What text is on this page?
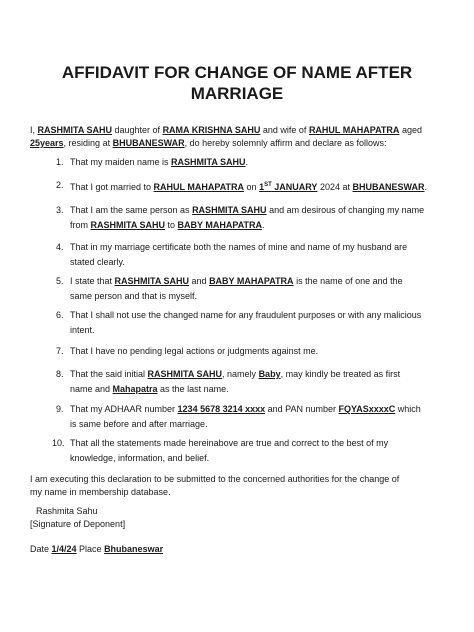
AFFIDAVIT FOR CHANGE OF NAME AFTER
MARRIAGE

I, RASHMITA SAHU daughter of RAMA KRISHNA SAHU and wife of RAHUL MAHAPATRA aged
25years, residing at BHUBANESWAR, do hereby solemnly affirm and declare as follows:

1. That my maiden name is RASHMITA SAHU.
2. That I got married to RAHUL MAHAPATRA on 1ST JANUARY 2024 at BHUBANESWAR.
3. That I am the same person as RASHMITA SAHU and am desirous of changing my name
from RASHMITA SAHU to BABY MAHAPATRA.
4. That in my marriage certificate both the names of mine and name of my husband are
stated clearly.
5. I state that RASHMITA SAHU and BABY MAHAPATRA is the name of one and the
same person and that is myself.
6. That I shall not use the changed name for any fraudulent purposes or with any malicious
intent.
7. That I have no pending legal actions or judgments against me.
8. That the said initial RASHMITA SAHU, namely Baby, may kindly be treated as first
name and Mahapatra as the last name.
9. That my ADHAAR number 1234 5678 3214 xxxx and PAN number FQYASxxxxC which
is same before and after marriage.
10. That all the statements made hereinabove are true and correct to the best of my
knowledge, information, and belief.

I am executing this declaration to be submitted to the concerned authorities for the change of
my name in membership database.

Rashmita Sahu
[Signature of Deponent]
Date 1/4/24 Place Bhubaneswar
